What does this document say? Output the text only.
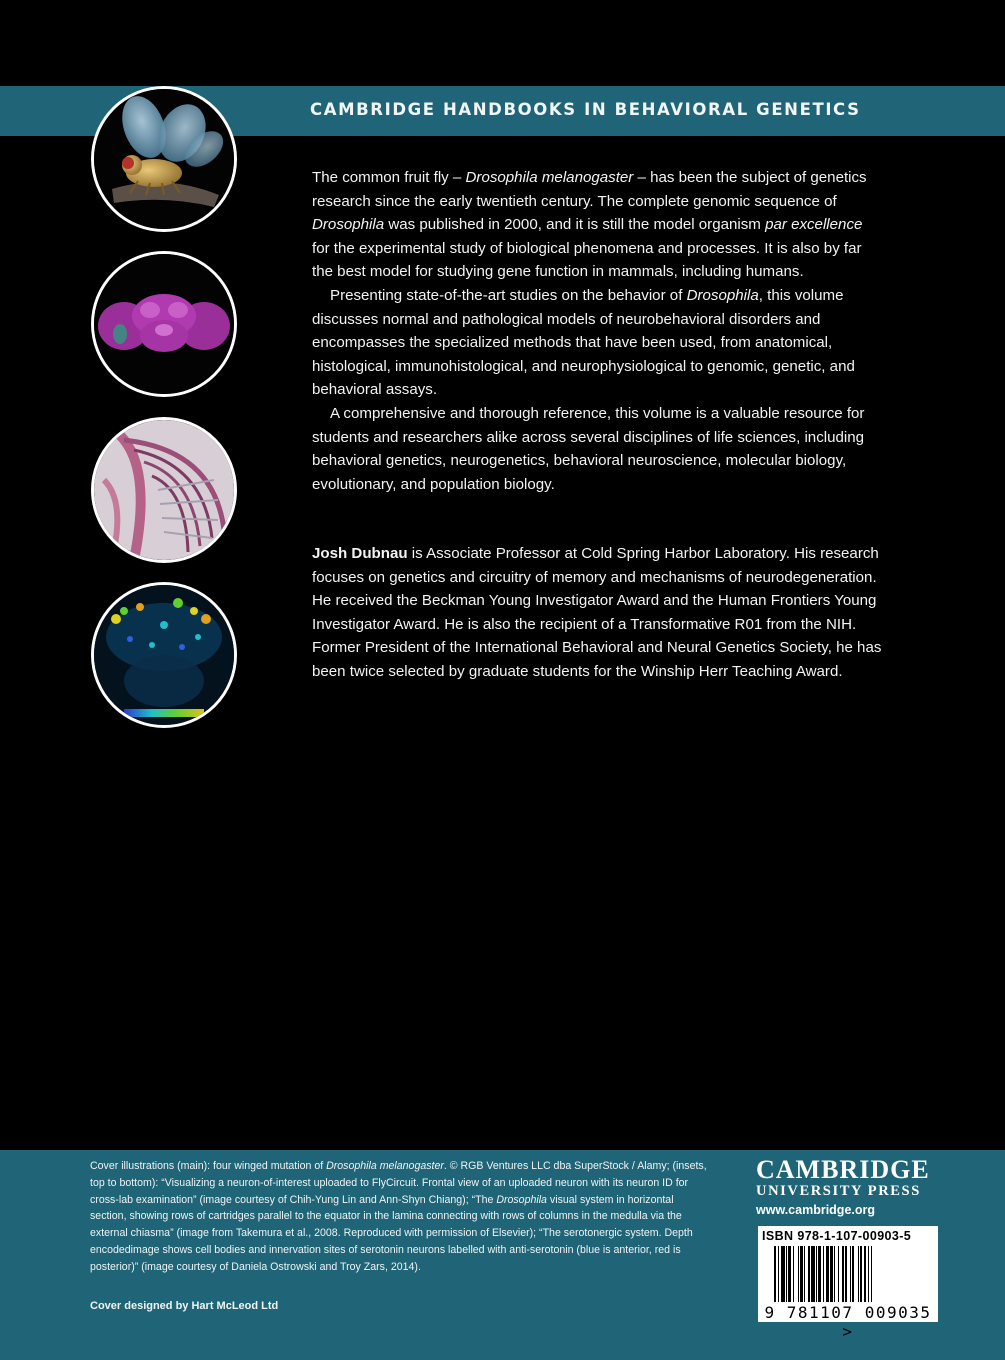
CAMBRIDGE HANDBOOKS IN BEHAVIORAL GENETICS

The common fruit fly – Drosophila melanogaster – has been the subject of genetics research since the early twentieth century. The complete genomic sequence of Drosophila was published in 2000, and it is still the model organism par excellence for the experimental study of biological phenomena and processes. It is also by far the best model for studying gene function in mammals, including humans.

Presenting state-of-the-art studies on the behavior of Drosophila, this volume discusses normal and pathological models of neurobehavioral disorders and encompasses the specialized methods that have been used, from anatomical, histological, immunohistological, and neurophysiological to genomic, genetic, and behavioral assays.

A comprehensive and thorough reference, this volume is a valuable resource for students and researchers alike across several disciplines of life sciences, including behavioral genetics, neurogenetics, behavioral neuroscience, molecular biology, evolutionary, and population biology.

Josh Dubnau is Associate Professor at Cold Spring Harbor Laboratory. His research focuses on genetics and circuitry of memory and mechanisms of neurodegeneration. He received the Beckman Young Investigator Award and the Human Frontiers Young Investigator Award. He is also the recipient of a Transformative R01 from the NIH. Former President of the International Behavioral and Neural Genetics Society, he has been twice selected by graduate students for the Winship Herr Teaching Award.

Cover illustrations (main): four winged mutation of Drosophila melanogaster. © RGB Ventures LLC dba SuperStock / Alamy; (insets, top to bottom): “Visualizing a neuron-of-interest uploaded to FlyCircuit. Frontal view of an uploaded neuron with its neuron ID for cross-lab examination” (image courtesy of Chih-Yung Lin and Ann-Shyn Chiang); “The Drosophila visual system in horizontal section, showing rows of cartridges parallel to the equator in the lamina connecting with rows of columns in the medulla via the external chiasma” (image from Takemura et al., 2008. Reproduced with permission of Elsevier); “The serotonergic system. Depth encodedimage shows cell bodies and innervation sites of serotonin neurons labelled with anti-serotonin (blue is anterior, red is posterior)” (image courtesy of Daniela Ostrowski and Troy Zars, 2014).

Cover designed by Hart McLeod Ltd
CAMBRIDGE
UNIVERSITY PRESS
www.cambridge.org
ISBN 978-1-107-00903-5
9 781107 009035 >
